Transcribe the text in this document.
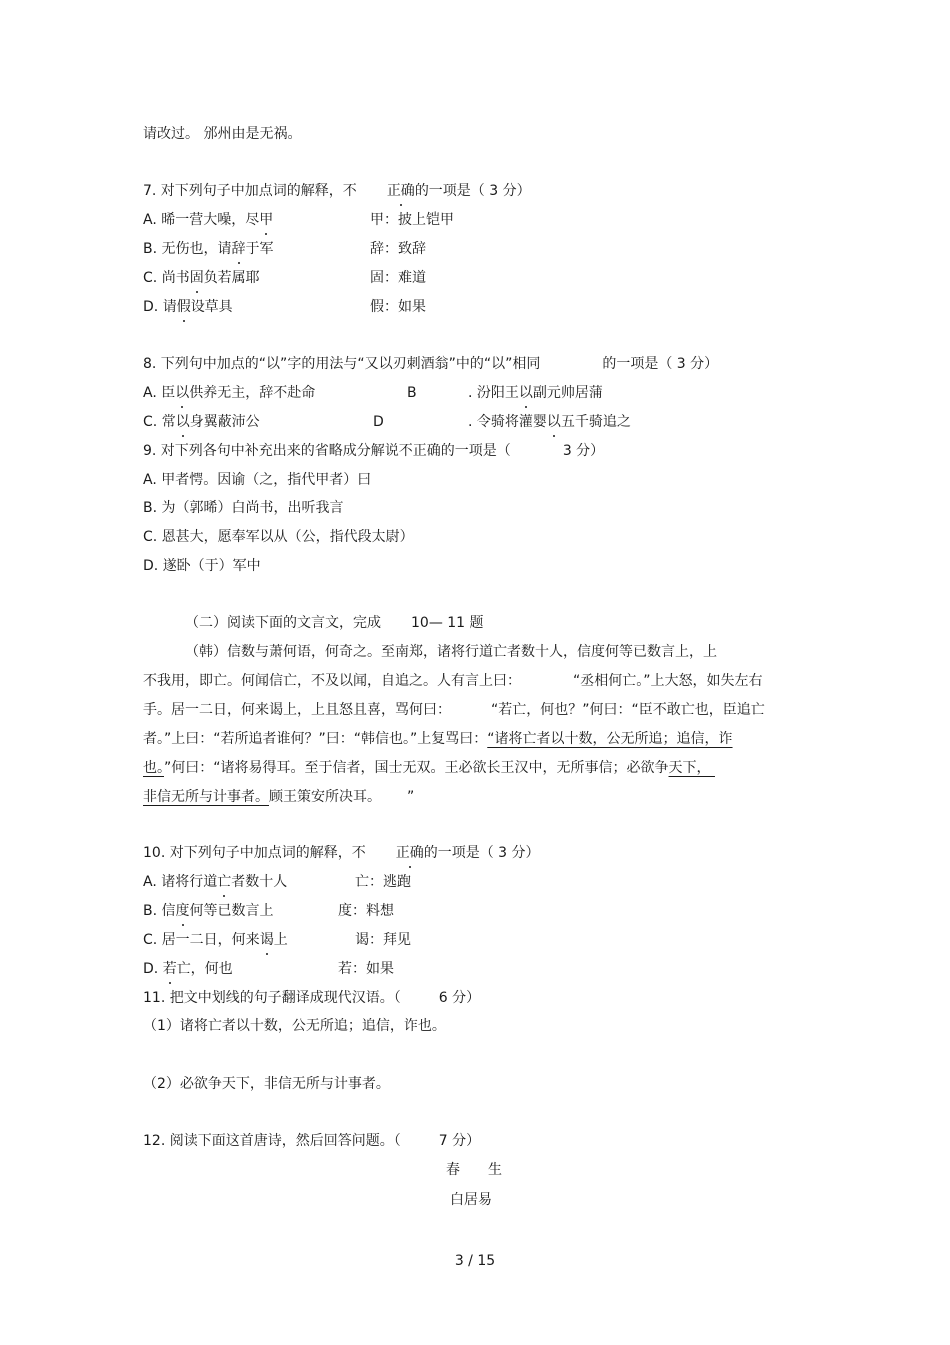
请改过。 邠州由是无祸。
7. 对下列句子中加点词的解释，不 正确的一项是（ 3 分）
A. 晞一营大噪，尽甲	甲：披上铠甲
B. 无伤也，请辞于军	辞：致辞
C. 尚书固负若属耶	固：难道
D. 请假设草具	假：如果
8. 下列句中加点的“以”字的用法与“又以刃刺酒翁”中的“以”相同	的一项是（ 3 分）
A. 臣以供养无主，辞不赴命	B	. 汾阳王以副元帅居蒲
C. 常以身翼蔽沛公	D	. 令骑将灌婴以五千骑追之
9. 对下列各句中补充出来的省略成分解说不正确的一项是（	3 分）
A. 甲者愕。因谕（之，指代甲者）曰
B. 为（郭晞）白尚书，出听我言
C. 恩甚大，愿奉军以从（公，指代段太尉）
D. 遂卧（于）军中
（二）阅读下面的文言文，完成 10— 11 题
（韩）信数与萧何语，何奇之。至南郑，诸将行道亡者数十人，信度何等已数言上，上
不我用，即亡。何闻信亡，不及以闻，自追之。人有言上曰：	“丞相何亡。”上大怒，如失左右
手。居一二日，何来谒上，上且怒且喜，骂何曰：	“若亡，何也？”何曰：“臣不敢亡也，臣追亡
者。”上曰：“若所追者谁何？”曰：“韩信也。”上复骂曰：“诸将亡者以十数，公无所追；追信，诈
也。”何曰：“诸将易得耳。至于信者，国士无双。王必欲长王汉中，无所事信；必欲争天下，
非信无所与计事者。顾王策安所决耳。 ”
10. 对下列句子中加点词的解释，不 正确的一项是（ 3 分）
A. 诸将行道亡者数十人	亡：逃跑
B. 信度何等已数言上	度：料想
C. 居一二日，何来谒上	谒：拜见
D. 若亡，何也	若：如果
11. 把文中划线的句子翻译成现代汉语。（	6 分）
（1）诸将亡者以十数，公无所追；追信，诈也。
（2）必欲争天下，非信无所与计事者。
12. 阅读下面这首唐诗，然后回答问题。（	7 分）
春 生
白居易
3 / 15
